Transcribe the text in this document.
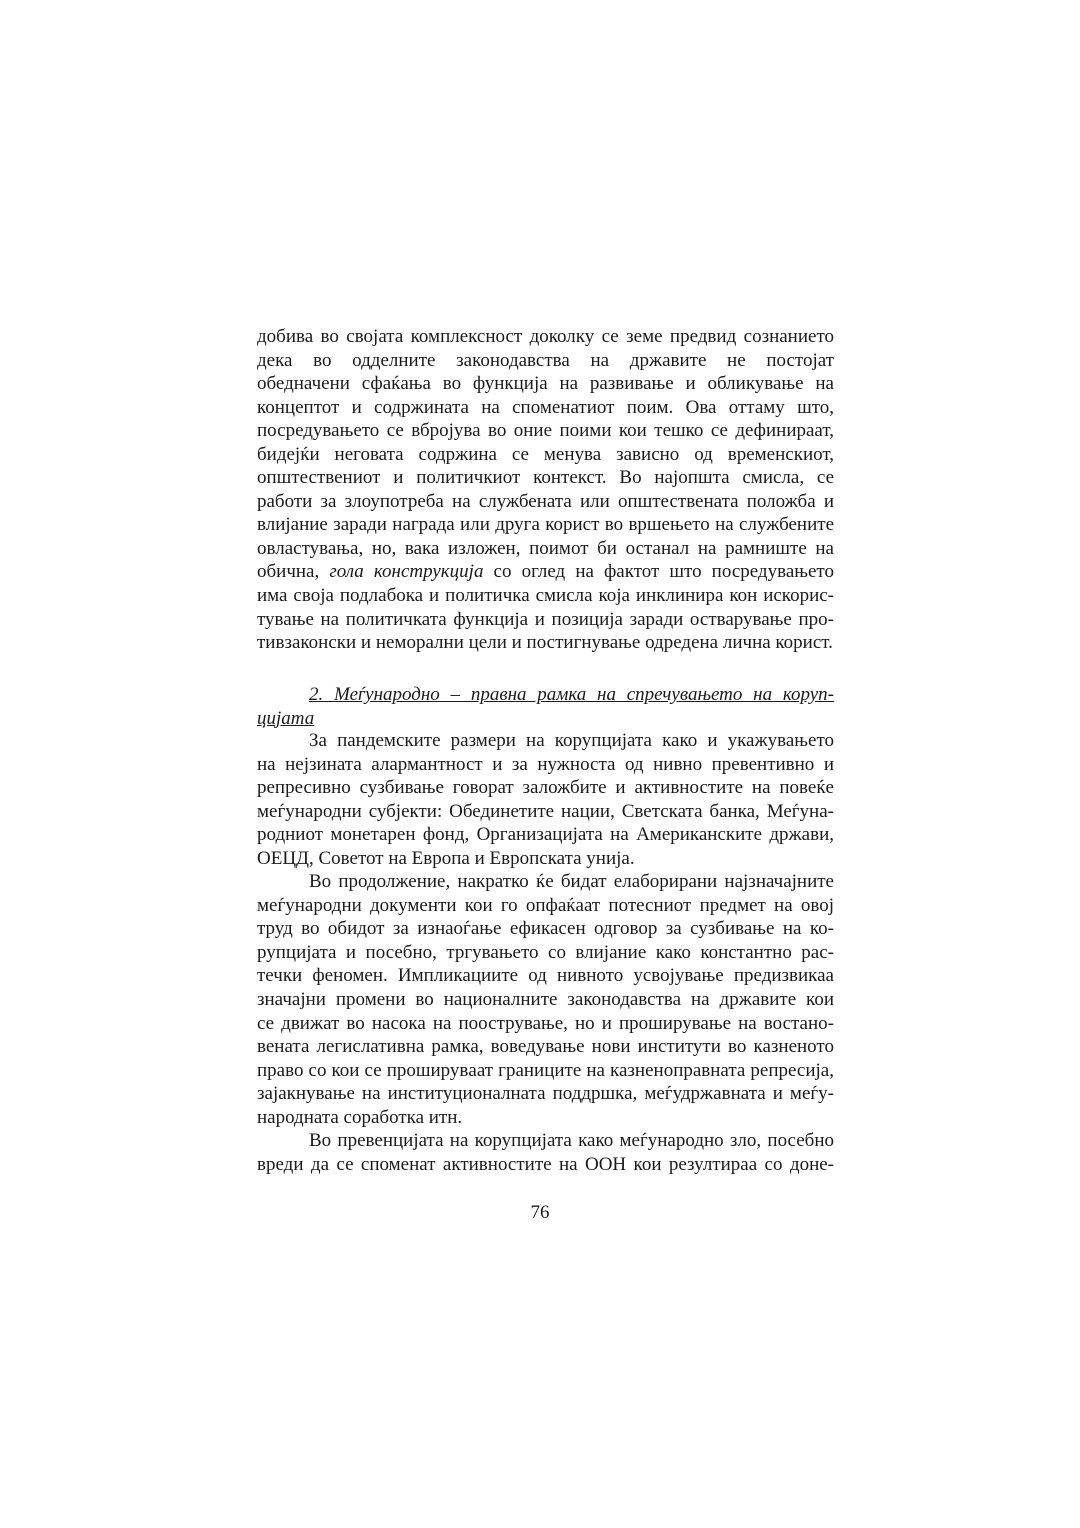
добива во својата комплексност доколку се земе предвид сознанието
дека во одделните законодавства на државите не постојат
обедначени сфаќања во функција на развивање и обликување на
концептот и содржината на споменатиот поим. Ова оттаму што,
посредувањето се вбројува во оние поими кои тешко се дефинираат,
бидејќи неговата содржина се менува зависно од временскиот,
општествениот и политичкиот контекст. Во најопшта смисла, се
работи за злоупотреба на службената или општествената положба и
влијание заради награда или друга корист во вршењето на службените
овластувања, но, вака изложен, поимот би останал на рамниште на
обична, гола конструкција со оглед на фактот што посредувањето
има своја подлабока и политичка смисла која инклинира кон искорис-
тување на политичката функција и позиција заради остварување про-
тивзаконски и неморални цели и постигнување одредена лична корист.
2. Меѓународно – правна рамка на спречувањето на коруп-
цијата
За пандемските размери на корупцијата како и укажувањето
на нејзината алармантност и за нужноста од нивно превентивно и
репресивно сузбивање говорат заложбите и активностите на повеќе
меѓународни субјекти: Обединетите нации, Светската банка, Меѓуна-
родниот монетарен фонд, Организацијата на Американските држави,
ОЕЦД, Советот на Европа и Европската унија.
Во продолжение, накратко ќе бидат елаборирани најзначајните
меѓународни документи кои го опфаќаат потесниот предмет на овој
труд во обидот за изнаоѓање ефикасен одговор за сузбивање на ко-
рупцијата и посебно, тргувањето со влијание како константно рас-
течки феномен. Импликациите од нивното усвојување предизвикаа
значајни промени во националните законодавства на државите кои
се движат во насока на поострување, но и проширување на востано-
вената легислативна рамка, воведување нови институти во казненото
право со кои се проширувaат границите на казненоправната репресија,
зајакнување на институционалната поддршка, меѓудржавната и меѓу-
народната соработка итн.
Во превенцијата на корупцијата како меѓународно зло, посебно
вреди да се споменат активностите на ООН кои резултираа со доне-
76
